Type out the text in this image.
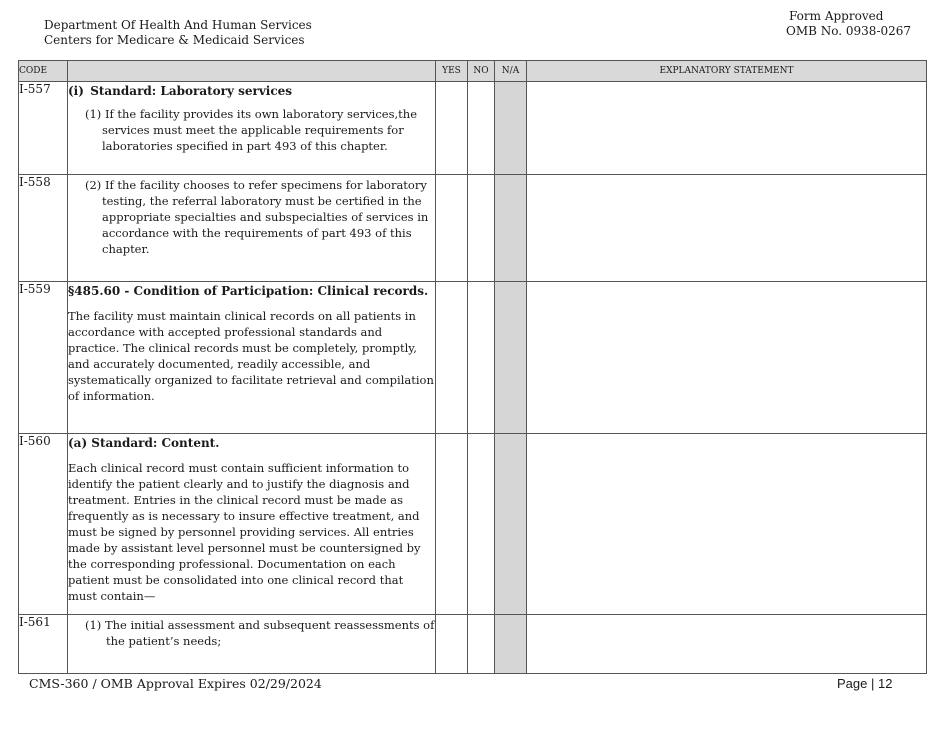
Department Of Health And Human Services
Centers for Medicare & Medicaid Services
Form Approved
OMB No. 0938-0267
CODE		YES	NO	N/A	EXPLANATORY STATEMENT
I-557	(i) Standard: Laboratory services

(1) If the facility provides its own laboratory services,the services must meet the applicable requirements for laboratories specified in part 493 of this chapter.				

I-558	(2) If the facility chooses to refer specimens for laboratory testing, the referral laboratory must be certified in the appropriate specialties and subspecialties of services in accordance with the requirements of part 493 of this chapter.				

I-559	§485.60 - Condition of Participation: Clinical records.

The facility must maintain clinical records on all patients in accordance with accepted professional standards and practice. The clinical records must be completely, promptly, and accurately documented, readily accessible, and systematically organized to facilitate retrieval and compilation of information.				

I-560	(a) Standard: Content.

Each clinical record must contain sufficient information to identify the patient clearly and to justify the diagnosis and treatment. Entries in the clinical record must be made as frequently as is necessary to insure effective treatment, and must be signed by personnel providing services. All entries made by assistant level personnel must be countersigned by the corresponding professional. Documentation on each patient must be consolidated into one clinical record that must contain—				

I-561	(1) The initial assessment and subsequent reassessments of the patient’s needs;				

CMS-360 / OMB Approval Expires 02/29/2024	Page | 12
